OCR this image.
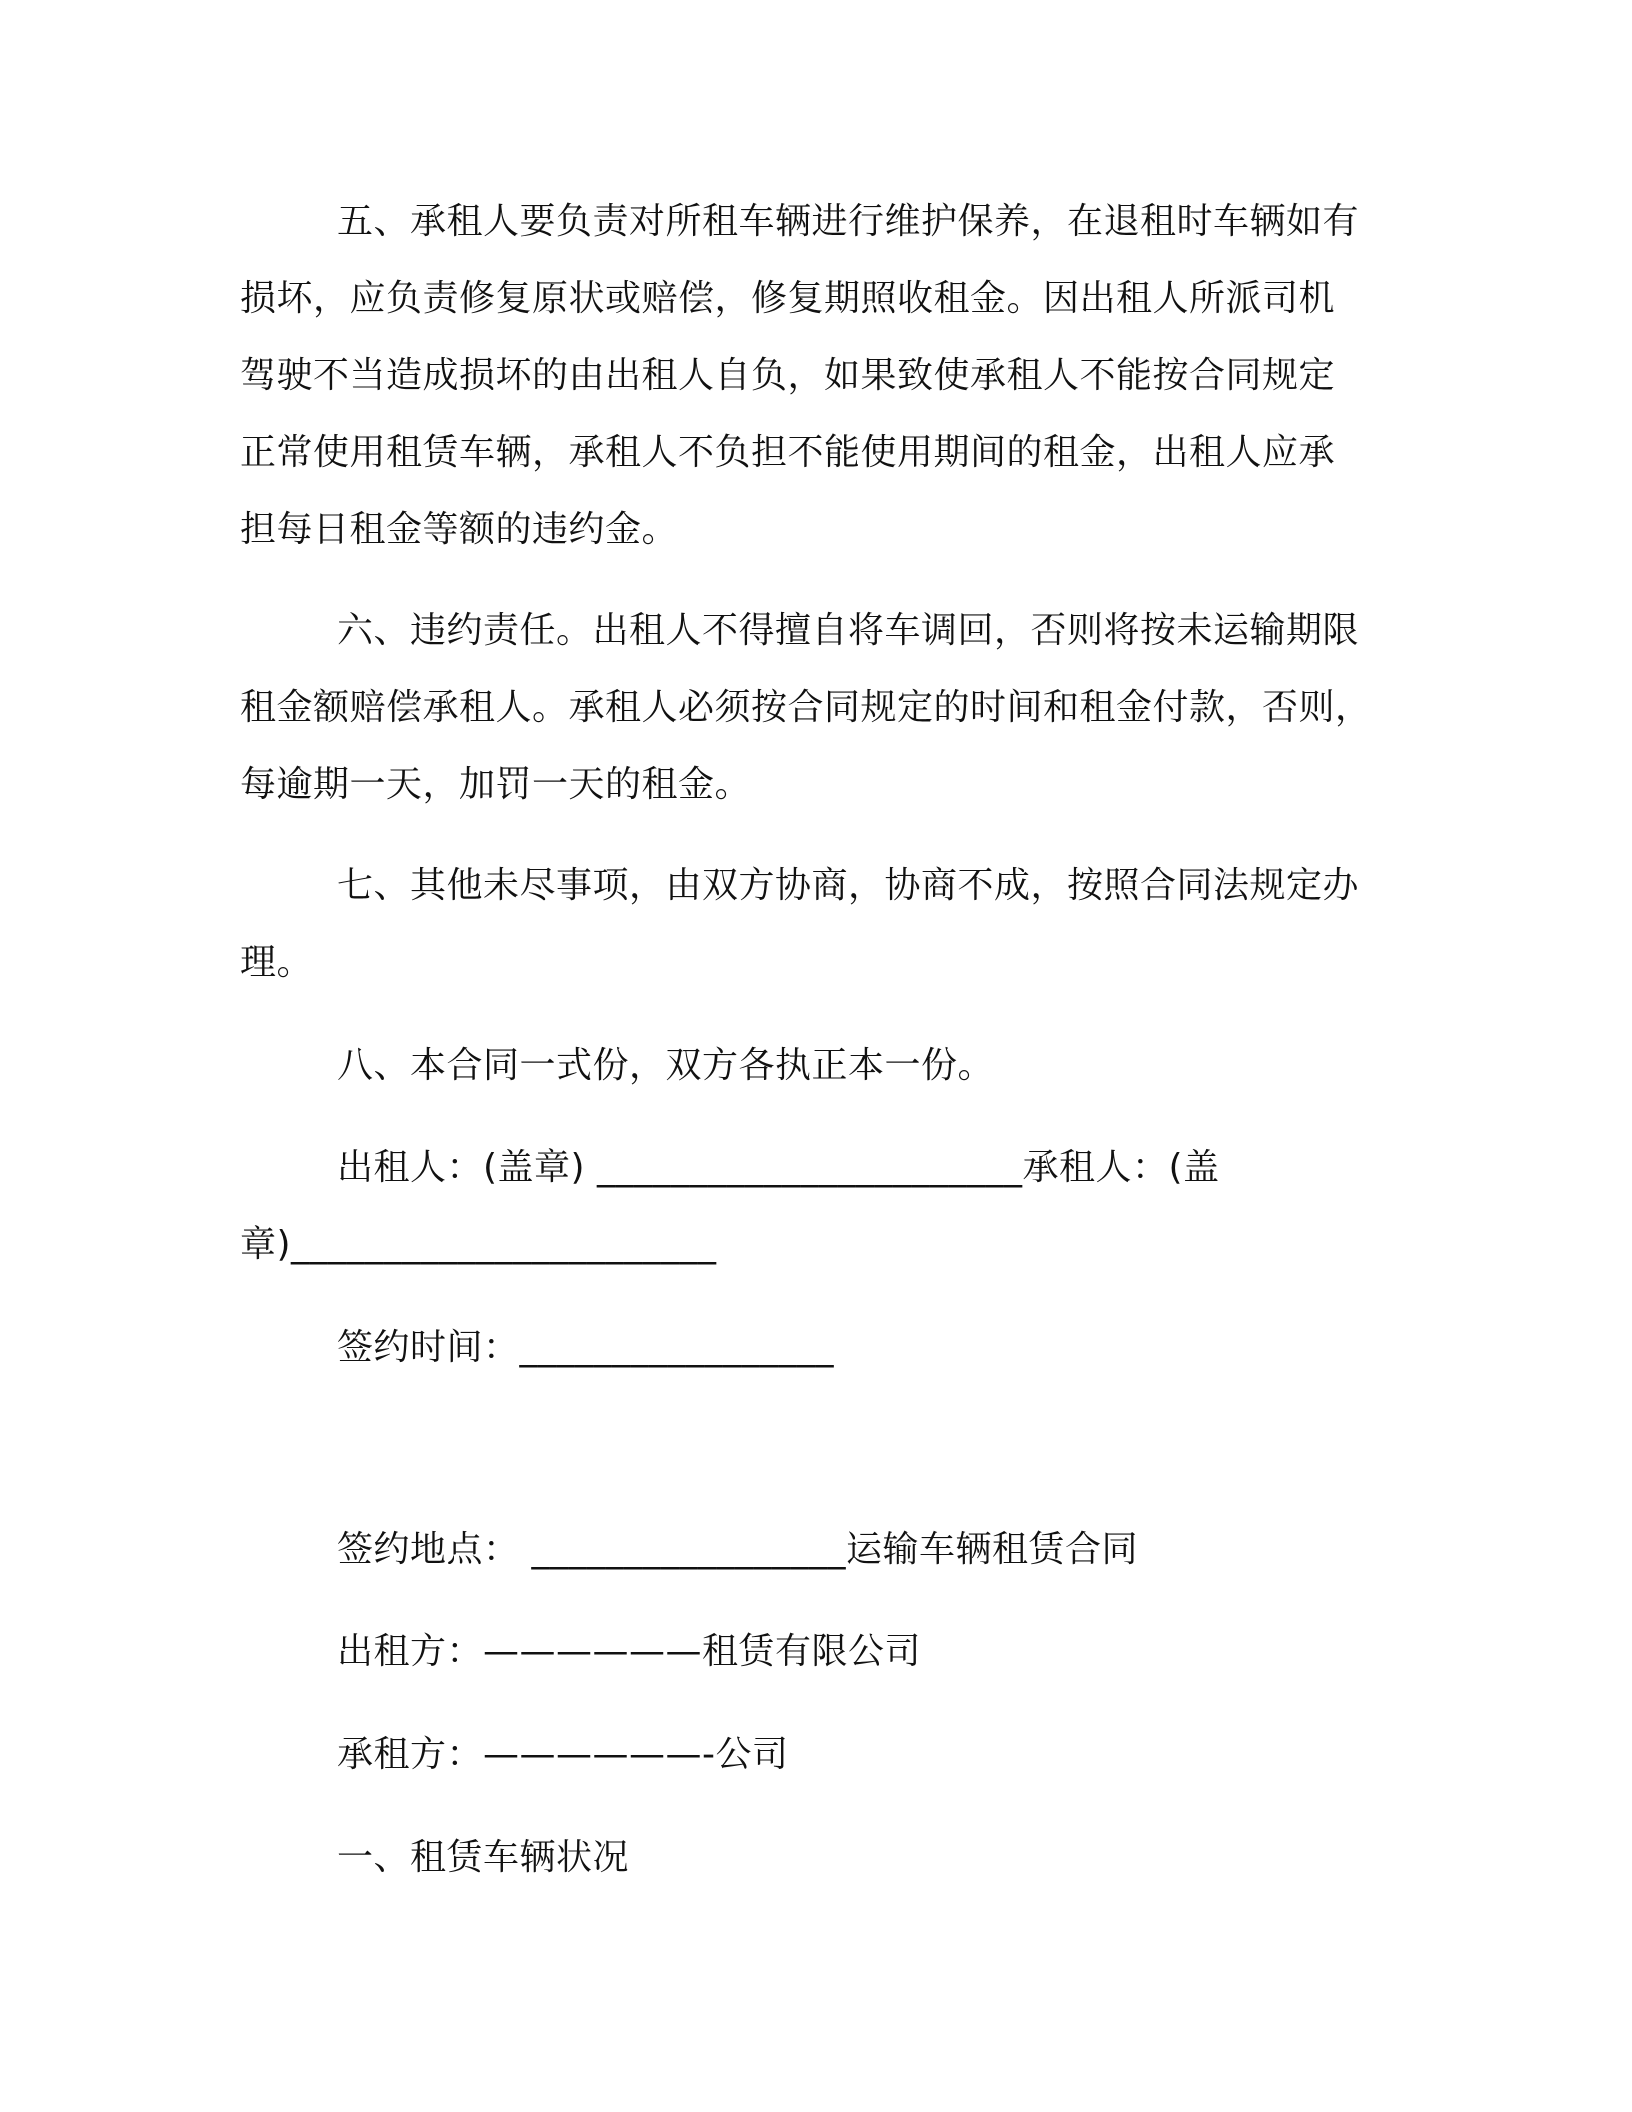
五、承租人要负责对所租车辆进行维护保养，在退租时车辆如有
损坏，应负责修复原状或赔偿，修复期照收租金。因出租人所派司机
驾驶不当造成损坏的由出租人自负，如果致使承租人不能按合同规定
正常使用租赁车辆，承租人不负担不能使用期间的租金，出租人应承
担每日租金等额的违约金。
六、违约责任。出租人不得擅自将车调回，否则将按未运输期限
租金额赔偿承租人。承租人必须按合同规定的时间和租金付款，否则，
每逾期一天，加罚一天的租金。
七、其他未尽事项，由双方协商，协商不成，按照合同法规定办
理。
八、本合同一式份，双方各执正本一份。
出租人：(盖章) _______________________承租人：(盖
章)_______________________
签约时间：_________________
签约地点： _________________运输车辆租赁合同
出租方：——————租赁有限公司
承租方：——————-公司
一、租赁车辆状况
